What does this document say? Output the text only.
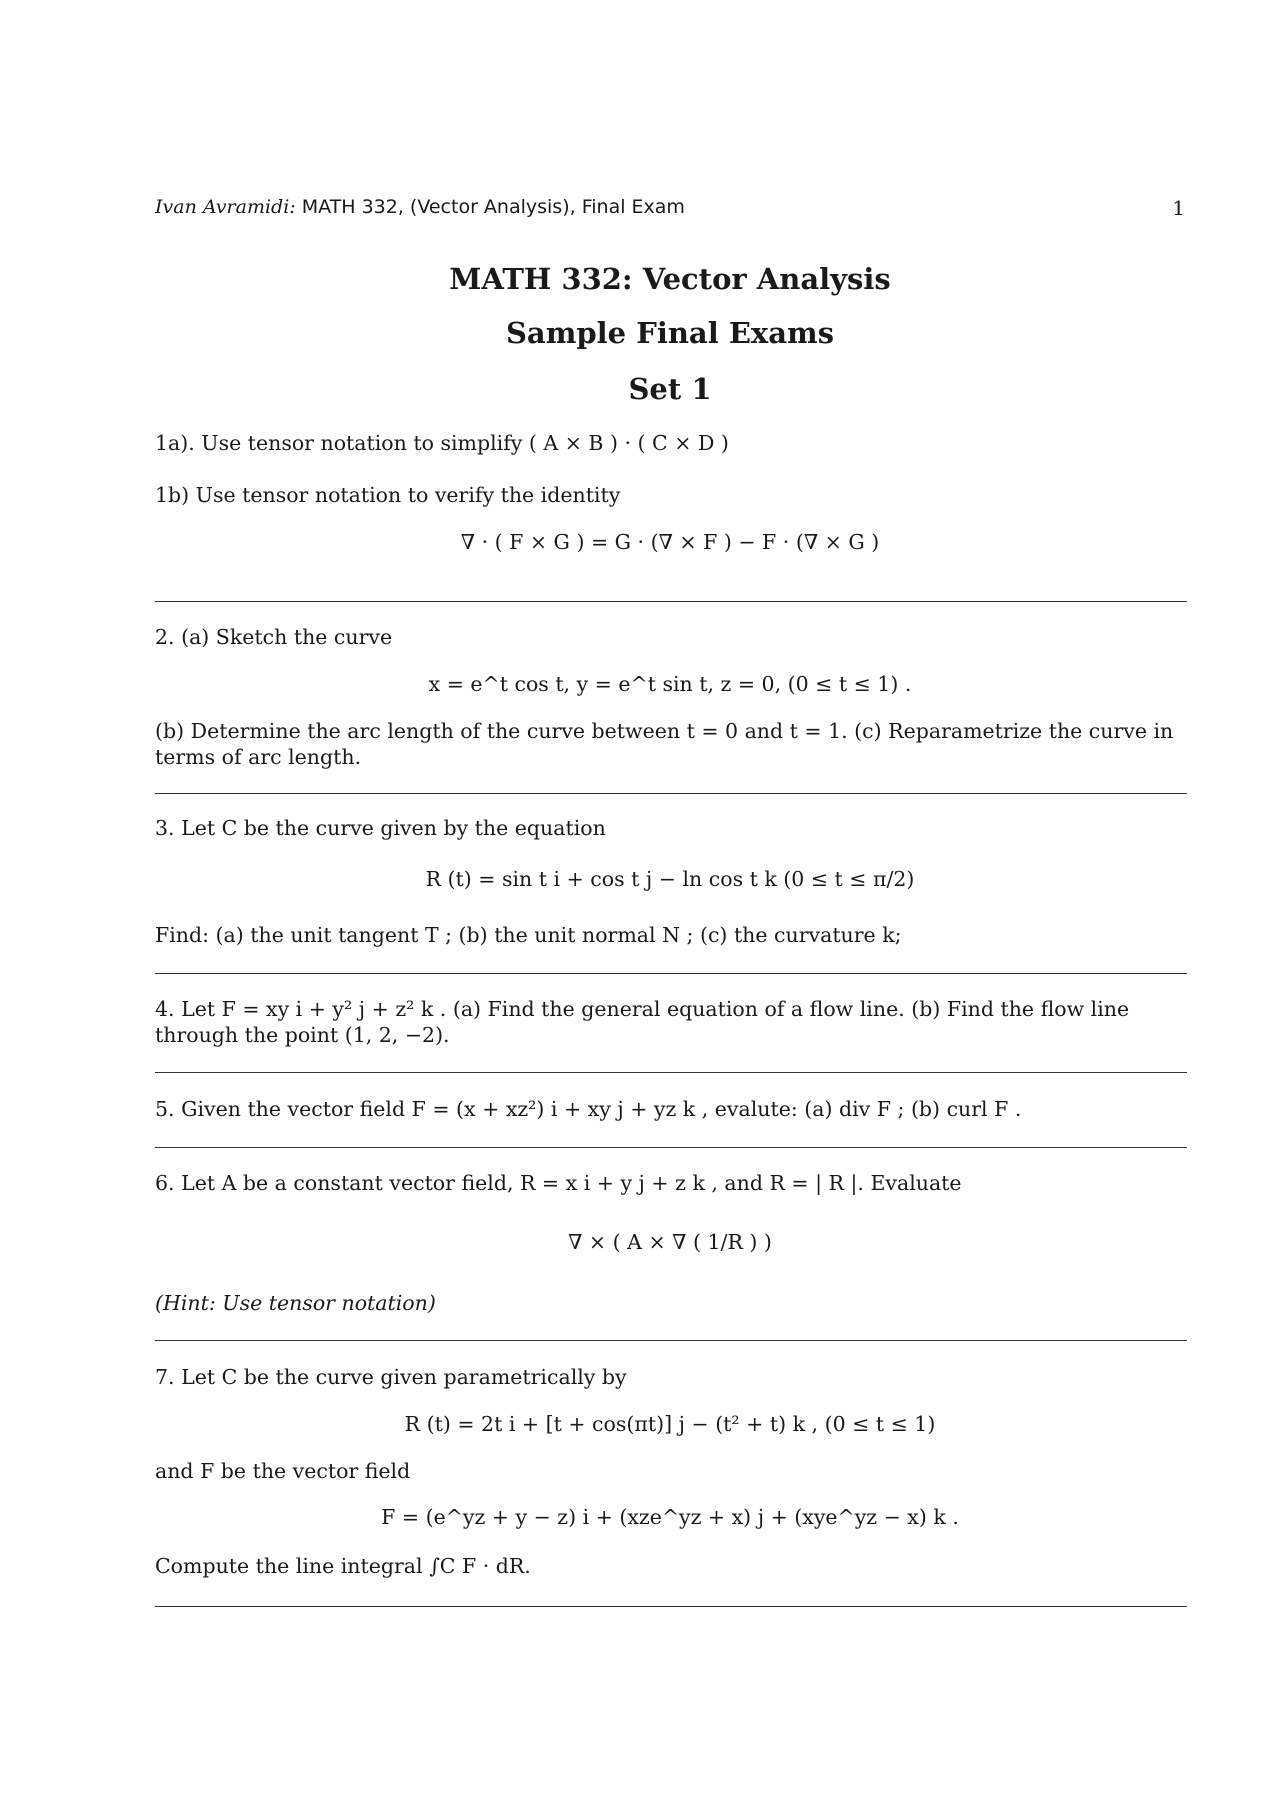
Ivan Avramidi: MATH 332, (Vector Analysis), Final Exam	1
MATH 332: Vector Analysis
Sample Final Exams
Set 1
1a). Use tensor notation to simplify ( A × B ) · ( C × D )
1b) Use tensor notation to verify the identity
∇ · ( F × G ) = G · (∇ × F ) − F · (∇ × G )
2. (a) Sketch the curve
x = e^t cos t, y = e^t sin t, z = 0, (0 ≤ t ≤ 1) .
(b) Determine the arc length of the curve between t = 0 and t = 1. (c) Reparametrize the curve in terms of arc length.
3. Let C be the curve given by the equation
R (t) = sin t i + cos t j − ln cos t k (0 ≤ t ≤ π/2)
Find: (a) the unit tangent T ; (b) the unit normal N ; (c) the curvature k;
4. Let F = xy i + y² j + z² k . (a) Find the general equation of a flow line. (b) Find the flow line through the point (1, 2, −2).
5. Given the vector field F = (x + xz²) i + xy j + yz k , evalute: (a) div F ; (b) curl F .
6. Let A be a constant vector field, R = x i + y j + z k , and R = | R |. Evaluate
∇ × ( A × ∇ ( 1/R ) )
(Hint: Use tensor notation)
7. Let C be the curve given parametrically by
R (t) = 2t i + [t + cos(πt)] j − (t² + t) k , (0 ≤ t ≤ 1)
and F be the vector field
F = (e^yz + y − z) i + (xze^yz + x) j + (xye^yz − x) k .
Compute the line integral ∫C F · dR.
